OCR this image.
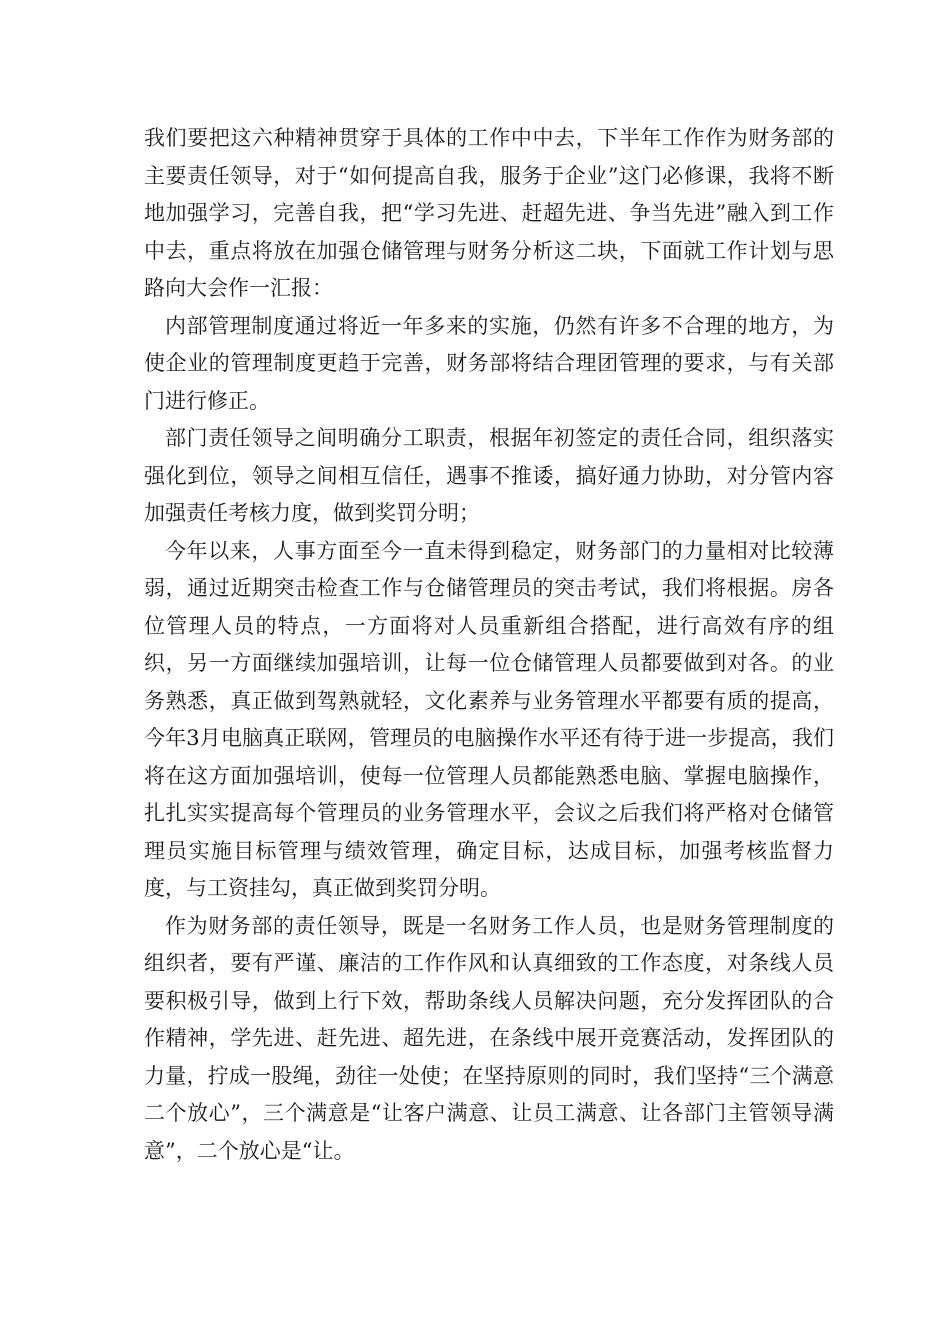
我们要把这六种精神贯穿于具体的工作中中去，下半年工作作为财务部的主要责任领导，对于“如何提高自我，服务于企业”这门必修课，我将不断地加强学习，完善自我，把“学习先进、赶超先进、争当先进”融入到工作中去，重点将放在加强仓储管理与财务分析这二块，下面就工作计划与思路向大会作一汇报：

内部管理制度通过将近一年多来的实施，仍然有许多不合理的地方，为使企业的管理制度更趋于完善，财务部将结合理团管理的要求，与有关部门进行修正。

部门责任领导之间明确分工职责，根据年初签定的责任合同，组织落实强化到位，领导之间相互信任，遇事不推诿，搞好通力协助，对分管内容加强责任考核力度，做到奖罚分明；

今年以来，人事方面至今一直未得到稳定，财务部门的力量相对比较薄弱，通过近期突击检查工作与仓储管理员的突击考试，我们将根据。房各位管理人员的特点，一方面将对人员重新组合搭配，进行高效有序的组织，另一方面继续加强培训，让每一位仓储管理人员都要做到对各。的业务熟悉，真正做到驾熟就轻，文化素养与业务管理水平都要有质的提高，今年3月电脑真正联网，管理员的电脑操作水平还有待于进一步提高，我们将在这方面加强培训，使每一位管理人员都能熟悉电脑、掌握电脑操作，扎扎实实提高每个管理员的业务管理水平，会议之后我们将严格对仓储管理员实施目标管理与绩效管理，确定目标，达成目标，加强考核监督力度，与工资挂勾，真正做到奖罚分明。

作为财务部的责任领导，既是一名财务工作人员，也是财务管理制度的组织者，要有严谨、廉洁的工作作风和认真细致的工作态度，对条线人员要积极引导，做到上行下效，帮助条线人员解决问题，充分发挥团队的合作精神，学先进、赶先进、超先进，在条线中展开竞赛活动，发挥团队的力量，拧成一股绳，劲往一处使；在坚持原则的同时，我们坚持“三个满意二个放心”，三个满意是“让客户满意、让员工满意、让各部门主管领导满意”，二个放心是“让。
